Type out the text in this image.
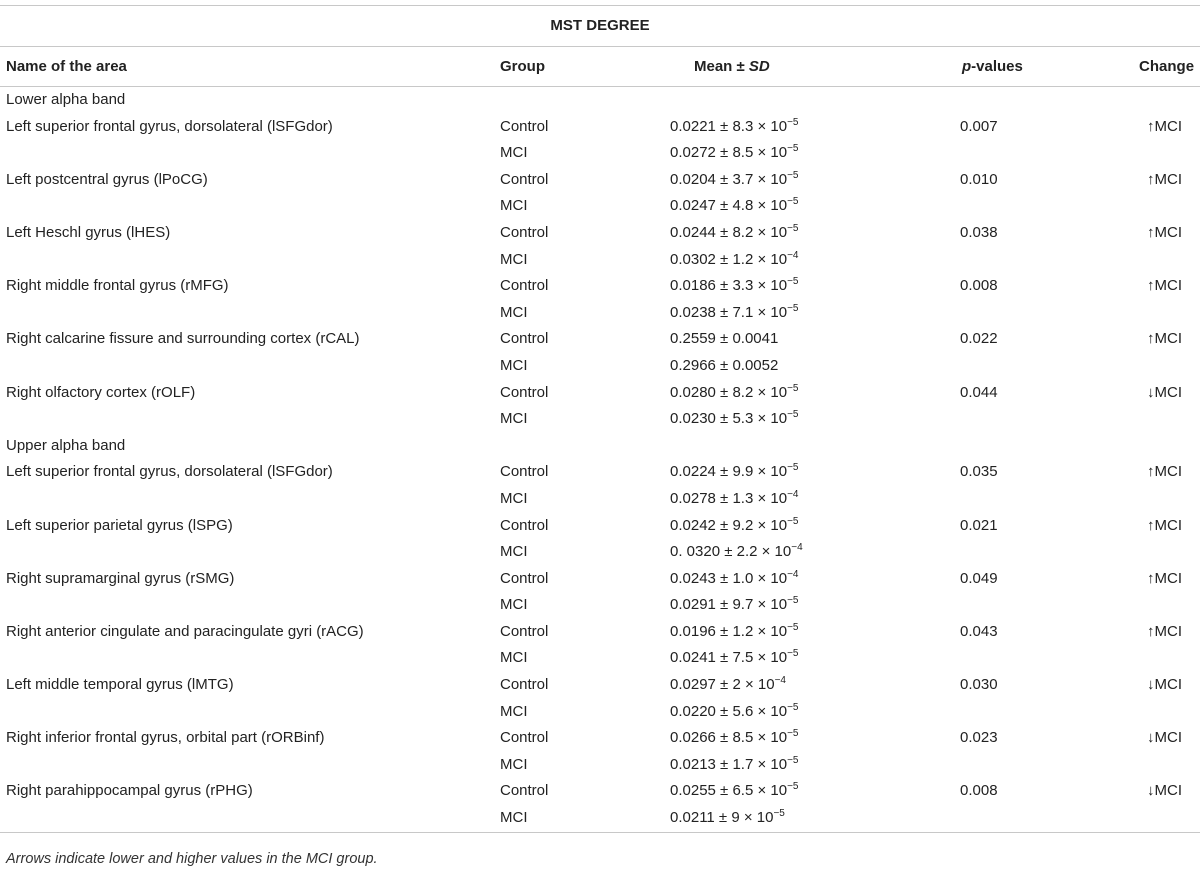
MST DEGREE				
Name of the area	Group	Mean ± SD	p-values	Change
Lower alpha band				
Left superior frontal gyrus, dorsolateral (lSFGdor)	Control	$0.0221 \pm 8.3 \times 10^{-5}$	0.007	↑MCI
	MCI	$0.0272 \pm 8.5 \times 10^{-5}$		
Left postcentral gyrus (lPoCG)	Control	$0.0204 \pm 3.7 \times 10^{-5}$	0.010	↑MCI
	MCI	$0.0247 \pm 4.8 \times 10^{-5}$		
Left Heschl gyrus (lHES)	Control	$0.0244 \pm 8.2 \times 10^{-5}$	0.038	↑MCI
	MCI	$0.0302 \pm 1.2 \times 10^{-4}$		
Right middle frontal gyrus (rMFG)	Control	$0.0186 \pm 3.3 \times 10^{-5}$	0.008	↑MCI
	MCI	$0.0238 \pm 7.1 \times 10^{-5}$		
Right calcarine fissure and surrounding cortex (rCAL)	Control	0.2559 ± 0.0041	0.022	↑MCI
	MCI	0.2966 ± 0.0052		
Right olfactory cortex (rOLF)	Control	$0.0280 \pm 8.2 \times 10^{-5}$	0.044	↓MCI
	MCI	$0.0230 \pm 5.3 \times 10^{-5}$		
Upper alpha band				
Left superior frontal gyrus, dorsolateral (lSFGdor)	Control	$0.0224 \pm 9.9 \times 10^{-5}$	0.035	↑MCI
	MCI	$0.0278 \pm 1.3 \times 10^{-4}$		
Left superior parietal gyrus (lSPG)	Control	$0.0242 \pm 9.2 \times 10^{-5}$	0.021	↑MCI
	MCI	0. $0320 \pm 2.2 \times 10^{-4}$		
Right supramarginal gyrus (rSMG)	Control	$0.0243 \pm 1.0 \times 10^{-4}$	0.049	↑MCI
	MCI	$0.0291 \pm 9.7 \times 10^{-5}$		
Right anterior cingulate and paracingulate gyri (rACG)	Control	$0.0196 \pm 1.2 \times 10^{-5}$	0.043	↑MCI
	MCI	$0.0241 \pm 7.5 \times 10^{-5}$		
Left middle temporal gyrus (lMTG)	Control	$0.0297 \pm 2 \times 10^{-4}$	0.030	↓MCI
	MCI	$0.0220 \pm 5.6 \times 10^{-5}$		
Right inferior frontal gyrus, orbital part (rORBinf)	Control	$0.0266 \pm 8.5 \times 10^{-5}$	0.023	↓MCI
	MCI	$0.0213 \pm 1.7 \times 10^{-5}$		
Right parahippocampal gyrus (rPHG)	Control	$0.0255 \pm 6.5 \times 10^{-5}$	0.008	↓MCI
	MCI	$0.0211 \pm 9 \times 10^{-5}$		
Arrows indicate lower and higher values in the MCI group.
